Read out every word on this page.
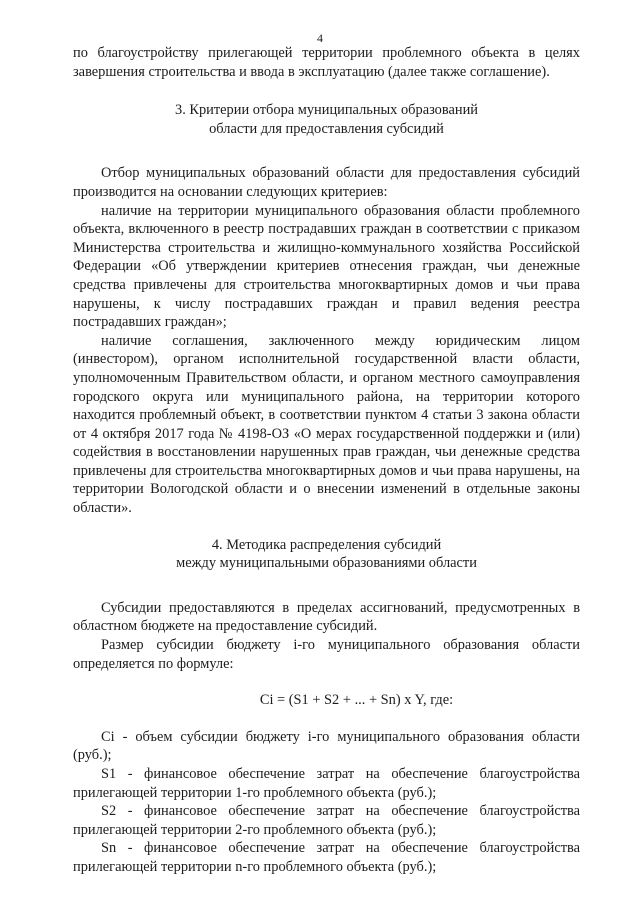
4

по благоустройству прилегающей территории проблемного объекта в целях завершения строительства и ввода в эксплуатацию (далее также соглашение).

3. Критерии отбора муниципальных образований

области для предоставления субсидий

Отбор муниципальных образований области для предоставления субсидий производится на основании следующих критериев:

наличие на территории муниципального образования области проблемного объекта, включенного в реестр пострадавших граждан в соответствии с приказом Министерства строительства и жилищно-коммунального хозяйства Российской Федерации «Об утверждении критериев отнесения граждан, чьи денежные средства привлечены для строительства многоквартирных домов и чьи права нарушены, к числу пострадавших граждан и правил ведения реестра пострадавших граждан»;

наличие соглашения, заключенного между юридическим лицом (инвестором), органом исполнительной государственной власти области, уполномоченным Правительством области, и органом местного самоуправления городского округа или муниципального района, на территории которого находится проблемный объект, в соответствии пунктом 4 статьи 3 закона области от 4 октября 2017 года № 4198-ОЗ «О мерах государственной поддержки и (или) содействия в восстановлении нарушенных прав граждан, чьи денежные средства привлечены для строительства многоквартирных домов и чьи права нарушены, на территории Вологодской области и о внесении изменений в отдельные законы области».

4. Методика распределения субсидий

между муниципальными образованиями области

Субсидии предоставляются в пределах ассигнований, предусмотренных в областном бюджете на предоставление субсидий.

Размер субсидии бюджету i-го муниципального образования области определяется по формуле:

Ci = (S1 + S2 + ... + Sn) x Y, где:

Ci - объем субсидии бюджету i-го муниципального образования области (руб.);

S1 - финансовое обеспечение затрат на обеспечение благоустройства прилегающей территории 1-го проблемного объекта (руб.);

S2 - финансовое обеспечение затрат на обеспечение благоустройства прилегающей территории 2-го проблемного объекта (руб.);

Sn - финансовое обеспечение затрат на обеспечение благоустройства прилегающей территории n-го проблемного объекта (руб.);
